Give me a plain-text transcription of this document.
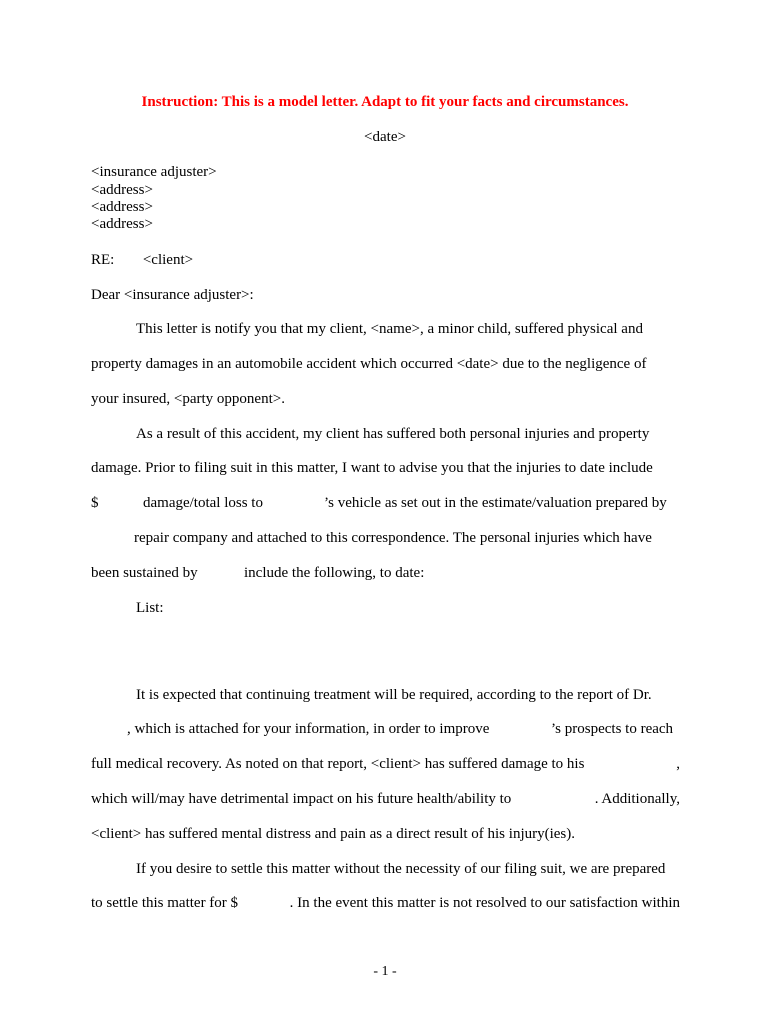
Instruction: This is a model letter. Adapt to fit your facts and circumstances.
<date>
<insurance adjuster>
<address>
<address>
<address>
RE: <client>
Dear <insurance adjuster>:
This letter is notify you that my client, <name>, a minor child, suffered physical and
property damages in an automobile accident which occurred <date> due to the negligence of
your insured, <party opponent>.
As a result of this accident, my client has suffered both personal injuries and property
damage. Prior to filing suit in this matter, I want to advise you that the injuries to date include
$	damage/total loss to	’s vehicle as set out in the estimate/valuation prepared by
repair company and attached to this correspondence. The personal injuries which have
been sustained by	include the following, to date:
List:
It is expected that continuing treatment will be required, according to the report of Dr.
, which is attached for your information, in order to improve	’s prospects to reach
full medical recovery. As noted on that report, <client> has suffered damage to his	,
which will/may have detrimental impact on his future health/ability to	. Additionally,
<client> has suffered mental distress and pain as a direct result of his injury(ies).
If you desire to settle this matter without the necessity of our filing suit, we are prepared
to settle this matter for $	. In the event this matter is not resolved to our satisfaction within
- 1 -
